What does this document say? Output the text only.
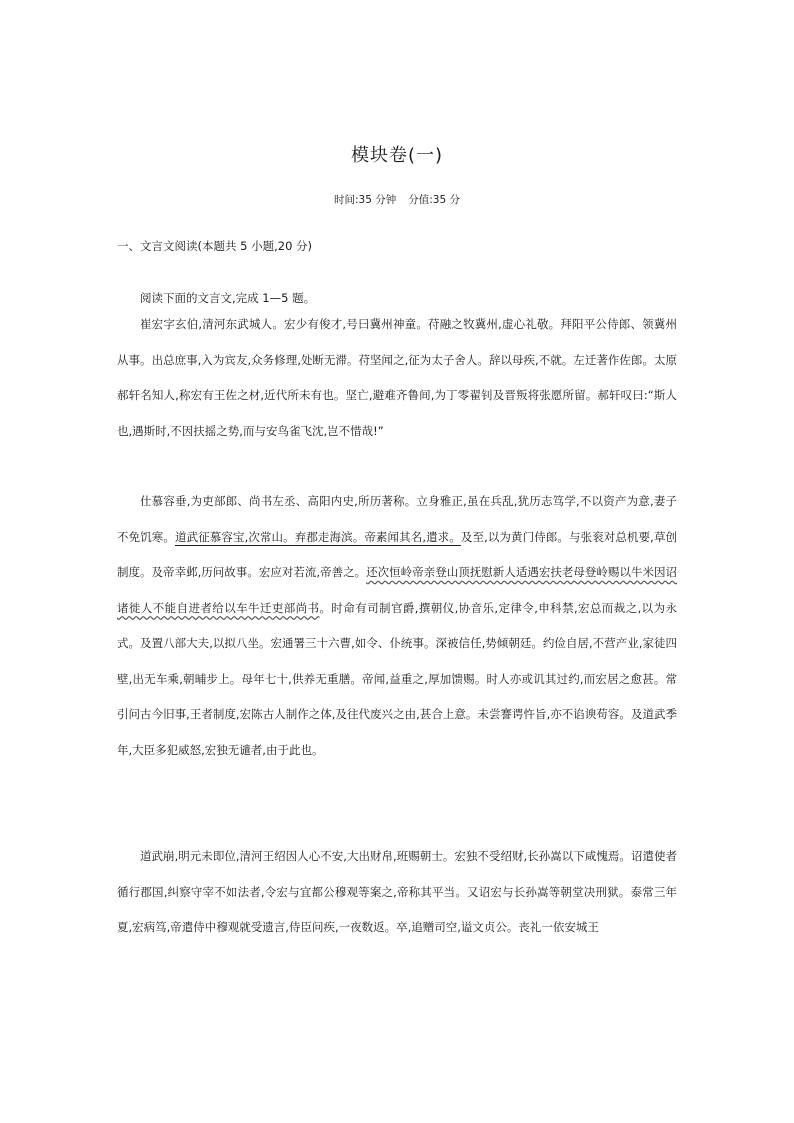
模块卷(一)
时间:35 分钟 分值:35 分
一、文言文阅读(本题共 5 小题,20 分)
阅读下面的文言文,完成 1—5 题。
崔宏字玄伯,清河东武城人。宏少有俊才,号曰冀州神童。苻融之牧冀州,虚心礼敬。拜阳平公侍郎、领冀州从事。出总庶事,入为宾友,众务修理,处断无滞。苻坚闻之,征为太子舍人。辞以母疾,不就。左迁著作佐郎。太原郝轩名知人,称宏有王佐之材,近代所未有也。坚亡,避难齐鲁间,为丁零翟钊及晋叛将张愿所留。郝轩叹曰:“斯人也,遇斯时,不因扶摇之势,而与安鸟雀飞沈,岂不惜哉!”
仕慕容垂,为吏部郎、尚书左丞、高阳内史,所历著称。立身雅正,虽在兵乱,犹历志笃学,不以资产为意,妻子不免饥寒。道武征慕容宝,次常山。弃郡走海滨。帝素闻其名,遣求。及至,以为黄门侍郎。与张衮对总机要,草创制度。及帝幸邺,历问故事。宏应对若流,帝善之。还次恒岭帝亲登山顶抚慰新人适遇宏扶老母登岭赐以牛米因诏诸徙人不能自进者给以车牛迁吏部尚书。时命有司制官爵,撰朝仪,协音乐,定律令,申科禁,宏总而裁之,以为永式。及置八部大夫,以拟八坐。宏通署三十六曹,如令、仆统事。深被信任,势倾朝廷。约俭自居,不营产业,家徒四壁,出无车乘,朝晡步上。母年七十,供养无重膳。帝闻,益重之,厚加馈赐。时人亦或讥其过约,而宏居之愈甚。常引问古今旧事,王者制度,宏陈古人制作之体,及往代废兴之由,甚合上意。未尝謇谔忤旨,亦不谄谀苟容。及道武季年,大臣多犯威怒,宏独无谴者,由于此也。
道武崩,明元未即位,清河王绍因人心不安,大出财帛,班赐朝士。宏独不受绍财,长孙嵩以下咸愧焉。诏遣使者循行郡国,纠察守宰不如法者,令宏与宜都公穆观等案之,帝称其平当。又诏宏与长孙嵩等朝堂决刑狱。泰常三年夏,宏病笃,帝遣侍中穆观就受遗言,侍臣问疾,一夜数返。卒,追赠司空,谥文贞公。丧礼一依安城王
